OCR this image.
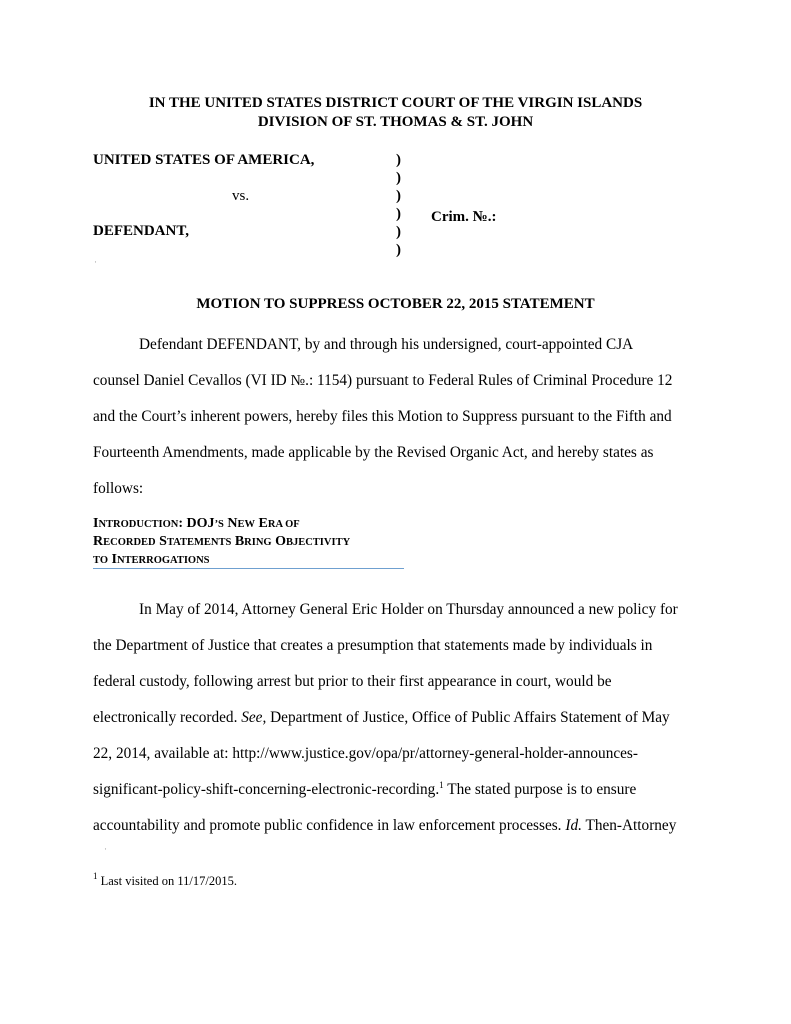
IN THE UNITED STATES DISTRICT COURT OF THE VIRGIN ISLANDS
DIVISION OF ST. THOMAS & ST. JOHN
UNITED STATES OF AMERICA,
vs.
DEFENDANT,
)
)
)
)
)
)
Crim. №.:
·
MOTION TO SUPPRESS OCTOBER 22, 2015 STATEMENT
Defendant DEFENDANT, by and through his undersigned, court-appointed CJA
counsel Daniel Cevallos (VI ID №.: 1154) pursuant to Federal Rules of Criminal Procedure 12
and the Court’s inherent powers, hereby files this Motion to Suppress pursuant to the Fifth and
Fourteenth Amendments, made applicable by the Revised Organic Act, and hereby states as
follows:
INTRODUCTION: DOJ’S NEW ERA OF
RECORDED STATEMENTS BRING OBJECTIVITY
TO INTERROGATIONS
In May of 2014, Attorney General Eric Holder on Thursday announced a new policy for
the Department of Justice that creates a presumption that statements made by individuals in
federal custody, following arrest but prior to their first appearance in court, would be
electronically recorded. See, Department of Justice, Office of Public Affairs Statement of May
22, 2014, available at: http://www.justice.gov/opa/pr/attorney-general-holder-announces-
significant-policy-shift-concerning-electronic-recording.$^1$ The stated purpose is to ensure
accountability and promote public confidence in law enforcement processes. Id. Then-Attorney
·
$^1$ Last visited on 11/17/2015.
